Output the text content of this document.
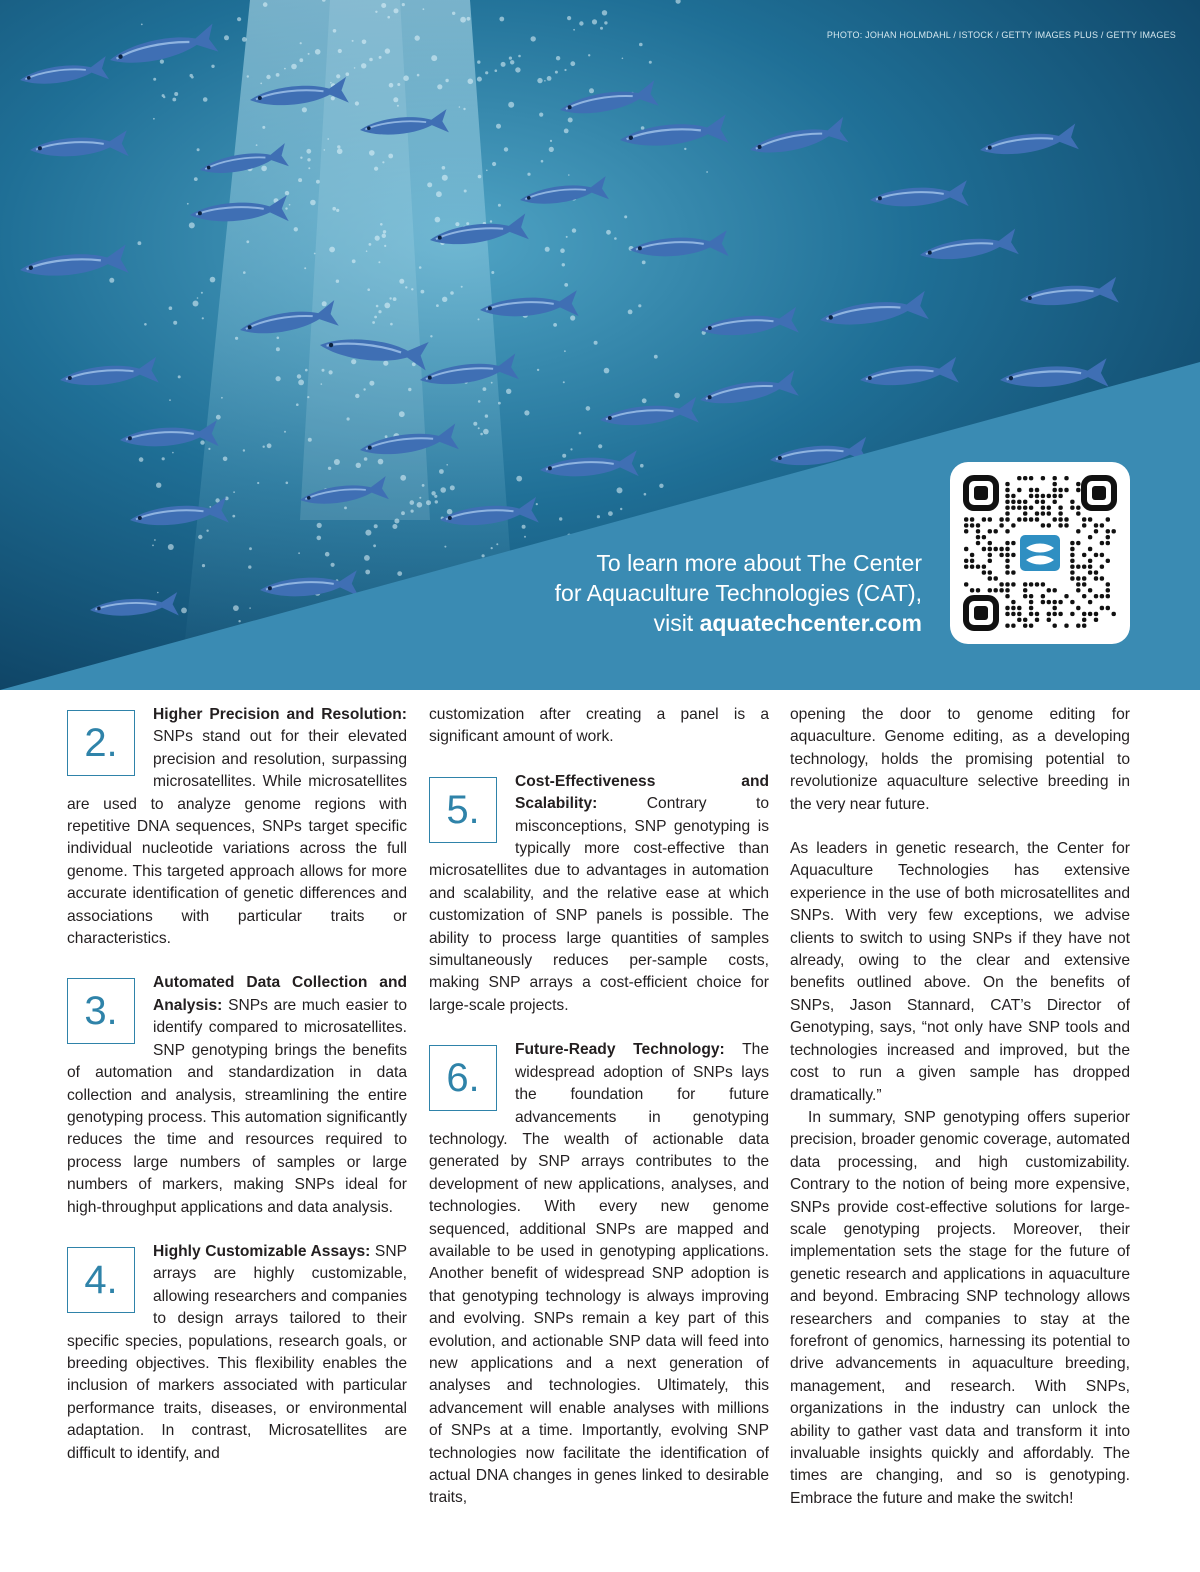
PHOTO: JOHAN HOLMDAHL / ISTOCK / GETTY IMAGES PLUS / GETTY IMAGES
To learn more about The Center
for Aquaculture Technologies (CAT),
visit aquatechcenter.com

2.
Higher Precision and Resolution: SNPs stand out for their elevated precision and resolution, surpassing microsatellites. While microsatellites are used to analyze genome regions with repetitive DNA sequences, SNPs target specific individual nucleotide variations across the full genome. This targeted approach allows for more accurate identification of genetic differences and associations with particular traits or characteristics.

3.
Automated Data Collection and Analysis: SNPs are much easier to identify compared to microsatellites. SNP genotyping brings the benefits of automation and standardization in data collection and analysis, streamlining the entire genotyping process. This automation significantly reduces the time and resources required to process large numbers of samples or large numbers of markers, making SNPs ideal for high-throughput applications and data analysis.

4.
Highly Customizable Assays: SNP arrays are highly customizable, allowing researchers and companies to design arrays tailored to their specific species, populations, research goals, or breeding objectives. This flexibility enables the inclusion of markers associated with particular performance traits, diseases, or environmental adaptation. In contrast, Microsatellites are difficult to identify, and

customization after creating a panel is a significant amount of work.

5.
Cost-Effectiveness and Scalability: Contrary to misconceptions, SNP genotyping is typically more cost-effective than microsatellites due to advantages in automation and scalability, and the relative ease at which customization of SNP panels is possible. The ability to process large quantities of samples simultaneously reduces per-sample costs, making SNP arrays a cost-efficient choice for large-scale projects.

6.
Future-Ready Technology: The widespread adoption of SNPs lays the foundation for future advancements in genotyping technology. The wealth of actionable data generated by SNP arrays contributes to the development of new applications, analyses, and technologies. With every new genome sequenced, additional SNPs are mapped and available to be used in genotyping applications. Another benefit of widespread SNP adoption is that genotyping technology is always improving and evolving. SNPs remain a key part of this evolution, and actionable SNP data will feed into new applications and a next generation of analyses and technologies. Ultimately, this advancement will enable analyses with millions of SNPs at a time. Importantly, evolving SNP technologies now facilitate the identification of actual DNA changes in genes linked to desirable traits,

opening the door to genome editing for aquaculture. Genome editing, as a developing technology, holds the promising potential to revolutionize aquaculture selective breeding in the very near future.

As leaders in genetic research, the Center for Aquaculture Technologies has extensive experience in the use of both microsatellites and SNPs. With very few exceptions, we advise clients to switch to using SNPs if they have not already, owing to the clear and extensive benefits outlined above. On the benefits of SNPs, Jason Stannard, CAT’s Director of Genotyping, says, “not only have SNP tools and technologies increased and improved, but the cost to run a given sample has dropped dramatically.”

In summary, SNP genotyping offers superior precision, broader genomic coverage, automated data processing, and high customizability. Contrary to the notion of being more expensive, SNPs provide cost-effective solutions for large-scale genotyping projects. Moreover, their implementation sets the stage for the future of genetic research and applications in aquaculture and beyond. Embracing SNP technology allows researchers and companies to stay at the forefront of genomics, harnessing its potential to drive advancements in aquaculture breeding, management, and research. With SNPs, organizations in the industry can unlock the ability to gather vast data and transform it into invaluable insights quickly and affordably. The times are changing, and so is genotyping. Embrace the future and make the switch!
